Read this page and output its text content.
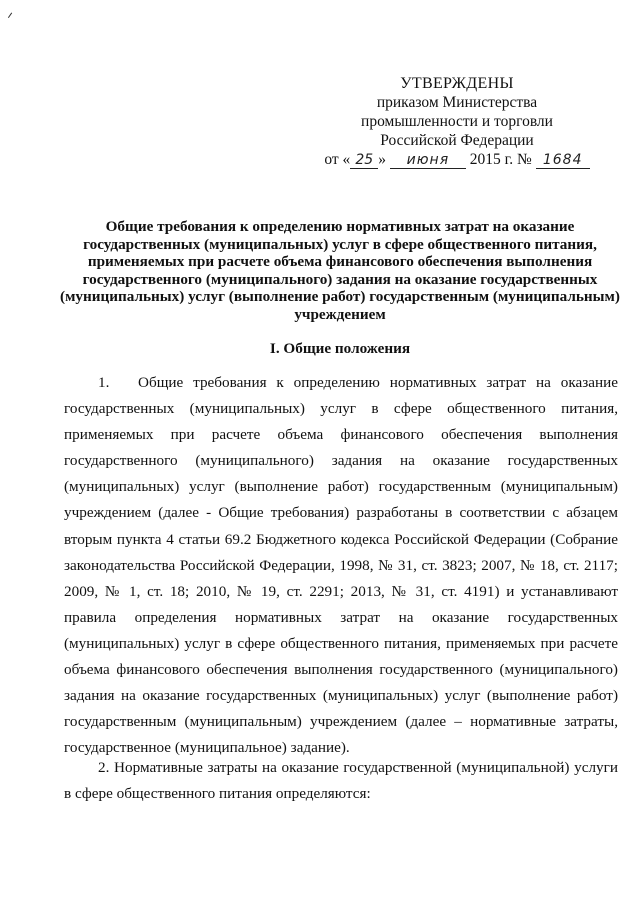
УТВЕРЖДЕНЫ
приказом Министерства
промышленности и торговли
Российской Федерации
от « 25 » июня 2015 г. № 1684
Общие требования к определению нормативных затрат на оказание государственных (муниципальных) услуг в сфере общественного питания, применяемых при расчете объема финансового обеспечения выполнения государственного (муниципального) задания на оказание государственных (муниципальных) услуг (выполнение работ) государственным (муниципальным) учреждением
I. Общие положения
1. Общие требования к определению нормативных затрат на оказание государственных (муниципальных) услуг в сфере общественного питания, применяемых при расчете объема финансового обеспечения выполнения государственного (муниципального) задания на оказание государственных (муниципальных) услуг (выполнение работ) государственным (муниципальным) учреждением (далее - Общие требования) разработаны в соответствии с абзацем вторым пункта 4 статьи 69.2 Бюджетного кодекса Российской Федерации (Собрание законодательства Российской Федерации, 1998, № 31, ст. 3823; 2007, № 18, ст. 2117; 2009, № 1, ст. 18; 2010, № 19, ст. 2291; 2013, № 31, ст. 4191) и устанавливают правила определения нормативных затрат на оказание государственных (муниципальных) услуг в сфере общественного питания, применяемых при расчете объема финансового обеспечения выполнения государственного (муниципального) задания на оказание государственных (муниципальных) услуг (выполнение работ) государственным (муниципальным) учреждением (далее – нормативные затраты, государственное (муниципальное) задание).
2. Нормативные затраты на оказание государственной (муниципальной) услуги в сфере общественного питания определяются:
